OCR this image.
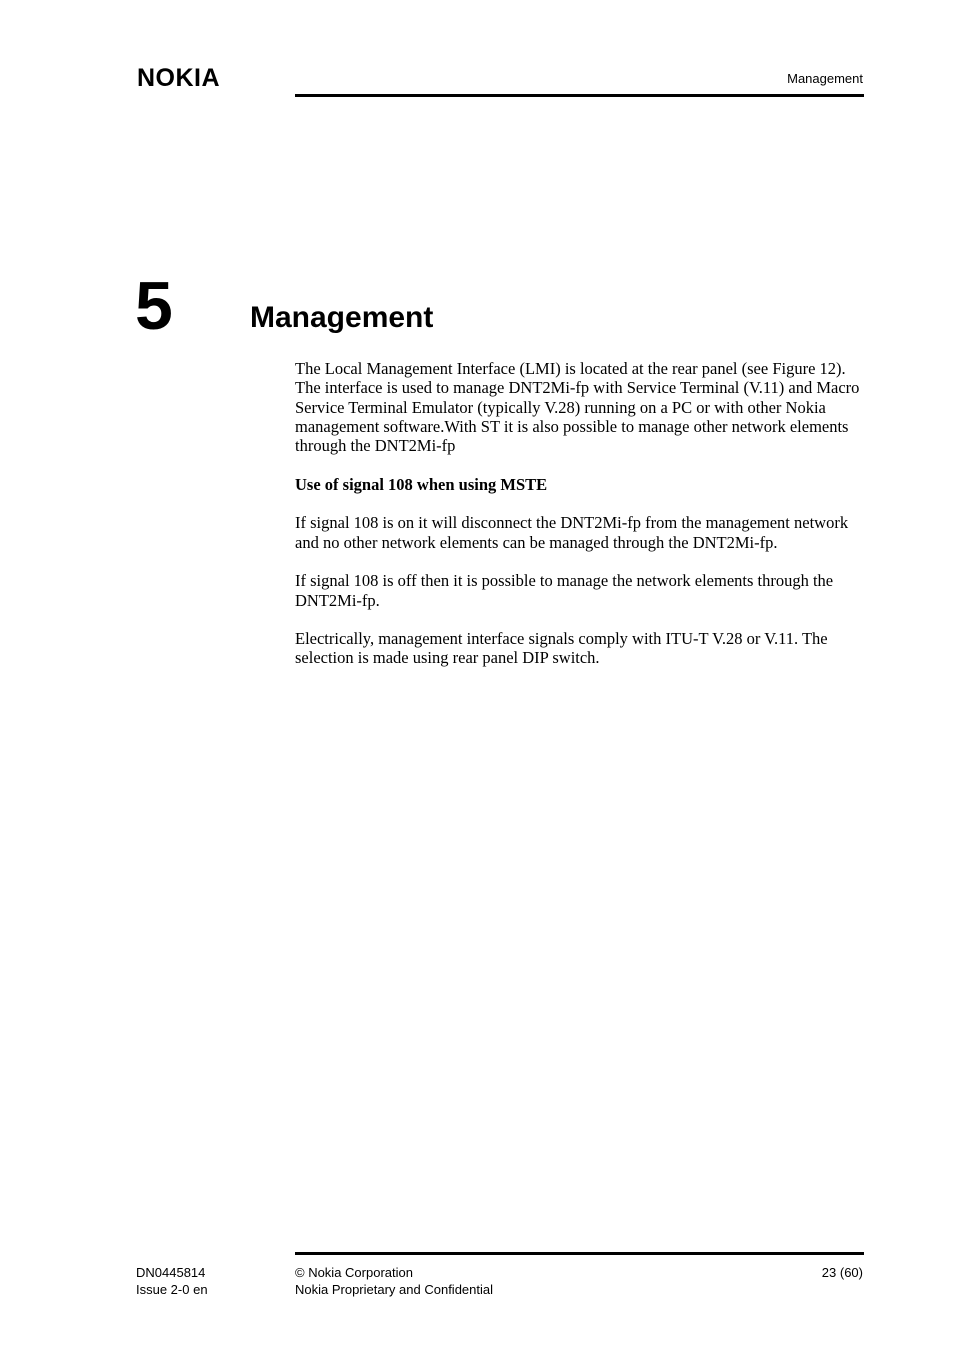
NOKIA	Management
5	Management

The Local Management Interface (LMI) is located at the rear panel (see Figure 12). The interface is used to manage DNT2Mi-fp with Service Terminal (V.11) and Macro Service Terminal Emulator (typically V.28) running on a PC or with other Nokia management software.With ST it is also possible to manage other network elements through the DNT2Mi-fp

Use of signal 108 when using MSTE

If signal 108 is on it will disconnect the DNT2Mi-fp from the management network and no other network elements can be managed through the DNT2Mi-fp.

If signal 108 is off then it is possible to manage the network elements through the DNT2Mi-fp.

Electrically, management interface signals comply with ITU-T V.28 or V.11. The selection is made using rear panel DIP switch.

DN0445814
Issue 2-0 en
© Nokia Corporation
Nokia Proprietary and Confidential
23 (60)
